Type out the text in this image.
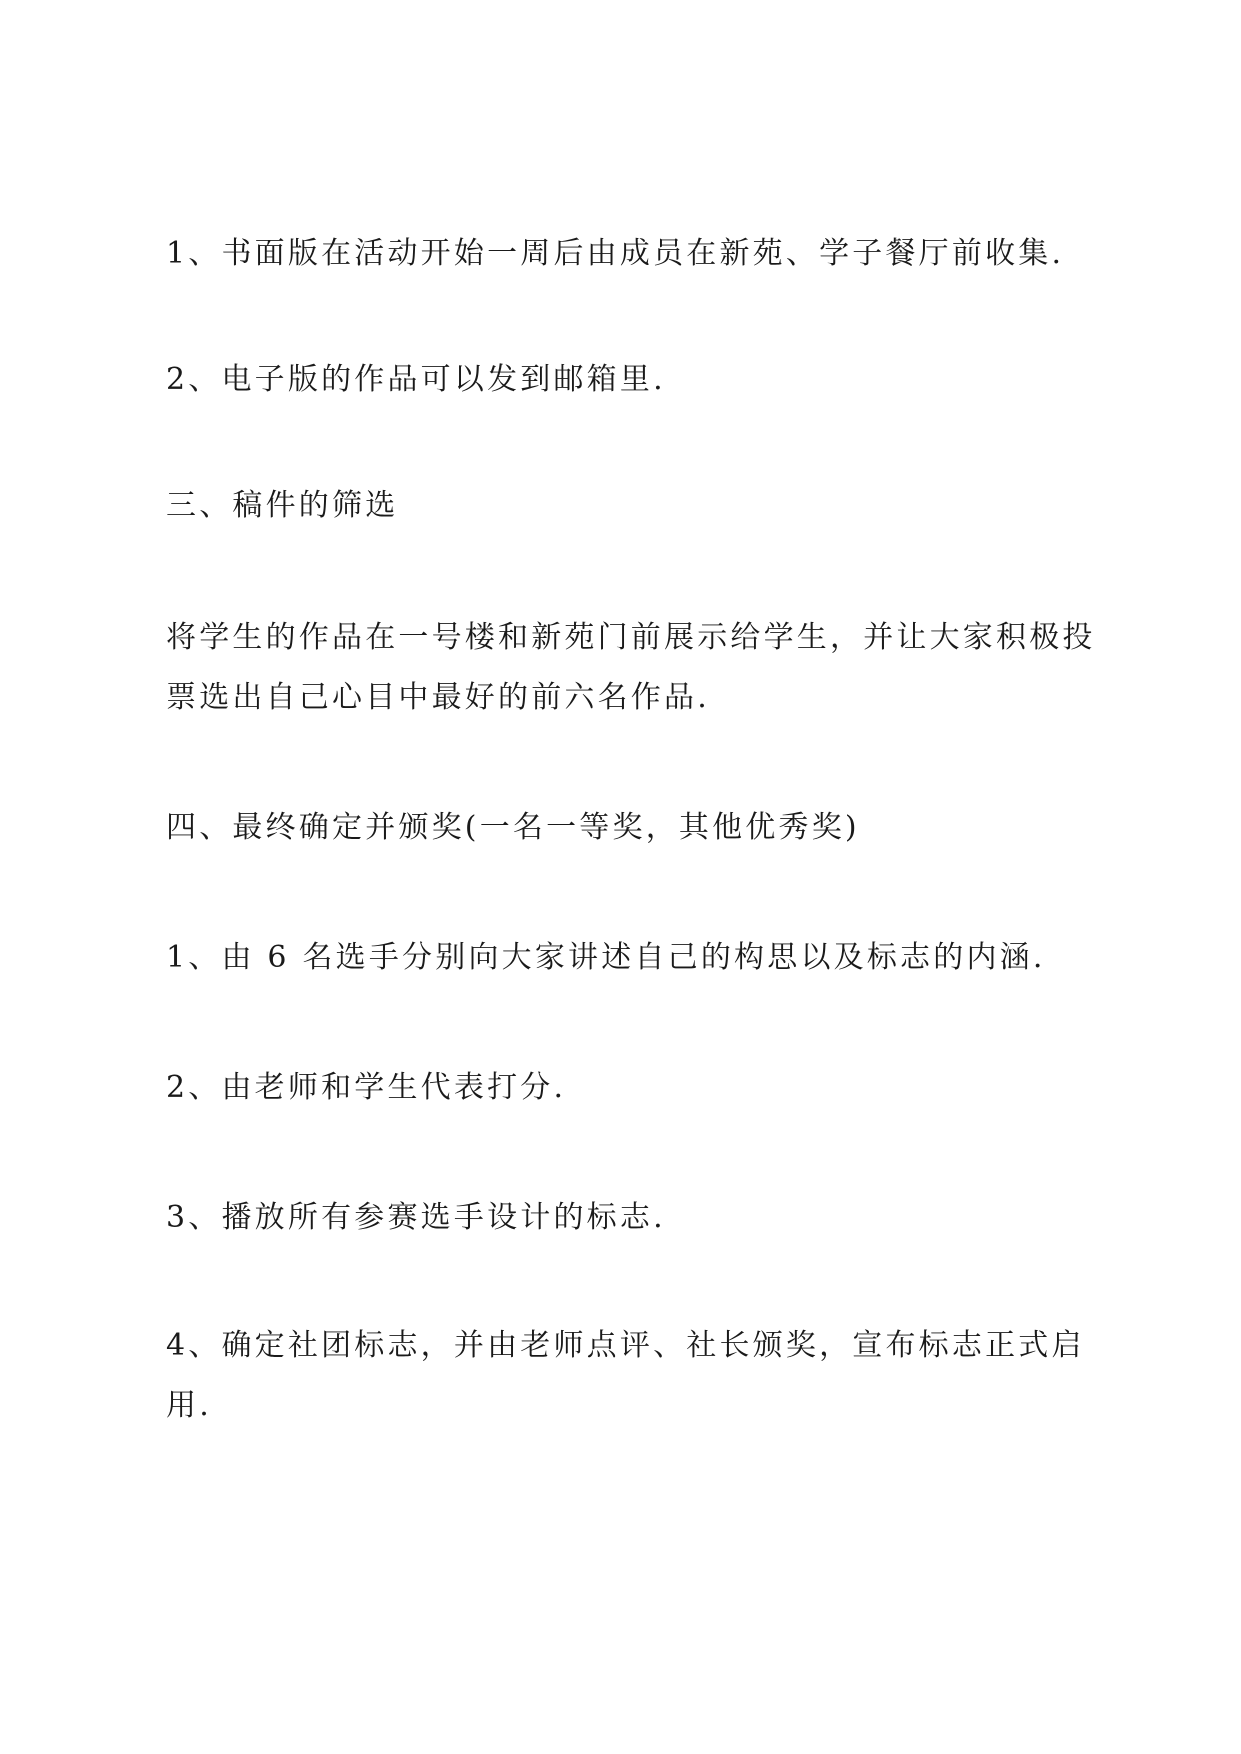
1、书面版在活动开始一周后由成员在新苑、学子餐厅前收集.

2、电子版的作品可以发到邮箱里.

三、稿件的筛选

将学生的作品在一号楼和新苑门前展示给学生，并让大家积极投票选出自己心目中最好的前六名作品.

四、最终确定并颁奖(一名一等奖，其他优秀奖)

1、由 6 名选手分别向大家讲述自己的构思以及标志的内涵.

2、由老师和学生代表打分.

3、播放所有参赛选手设计的标志.

4、确定社团标志，并由老师点评、社长颁奖，宣布标志正式启用.
